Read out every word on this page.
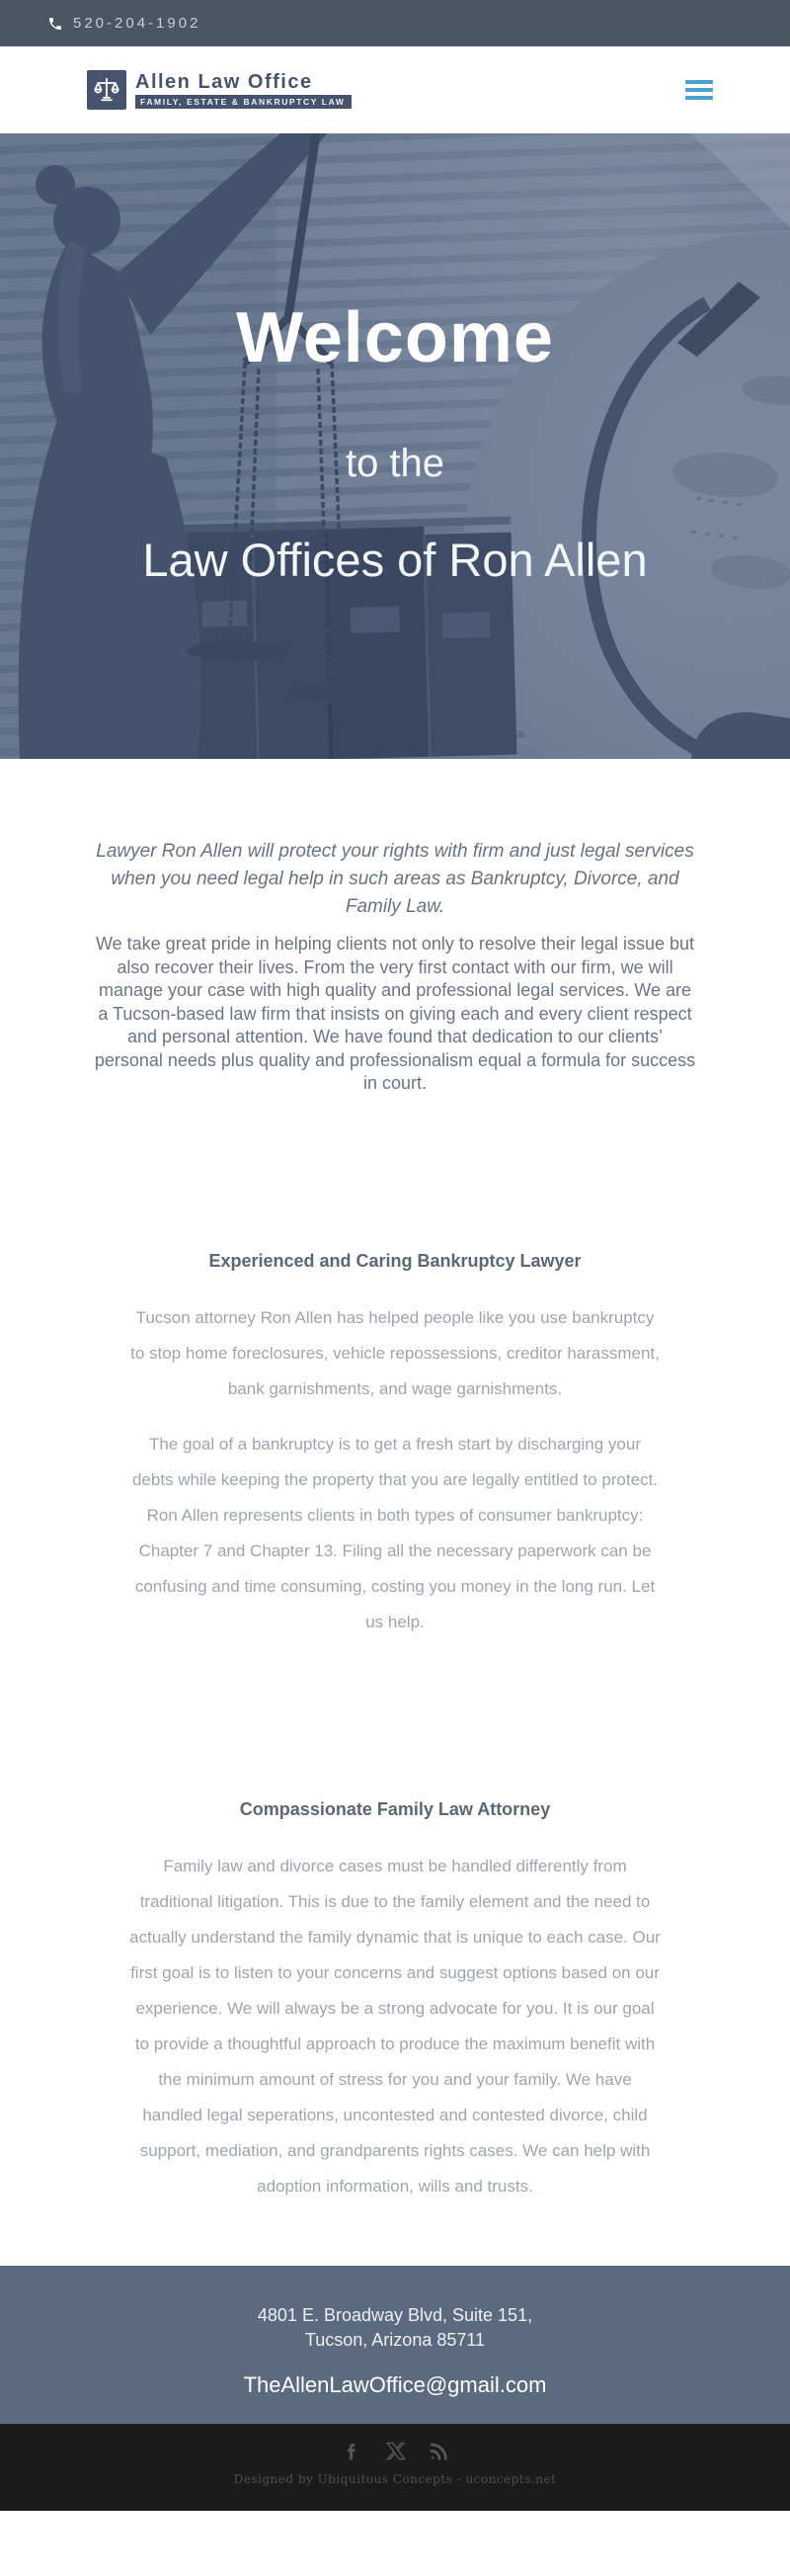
520-204-1902
Allen Law Office
FAMILY, ESTATE & BANKRUPTCY LAW
Welcome
to the
Law Offices of Ron Allen

Lawyer Ron Allen will protect your rights with firm and just legal services when you need legal help in such areas as Bankruptcy, Divorce, and Family Law.

We take great pride in helping clients not only to resolve their legal issue but also recover their lives. From the very first contact with our firm, we will manage your case with high quality and professional legal services. We are a Tucson-based law firm that insists on giving each and every client respect and personal attention. We have found that dedication to our clients’ personal needs plus quality and professionalism equal a formula for success in court.

Experienced and Caring Bankruptcy Lawyer

Tucson attorney Ron Allen has helped people like you use bankruptcy to stop home foreclosures, vehicle repossessions, creditor harassment, bank garnishments, and wage garnishments.

The goal of a bankruptcy is to get a fresh start by discharging your debts while keeping the property that you are legally entitled to protect. Ron Allen represents clients in both types of consumer bankruptcy: Chapter 7 and Chapter 13. Filing all the necessary paperwork can be confusing and time consuming, costing you money in the long run. Let us help.

Compassionate Family Law Attorney

Family law and divorce cases must be handled differently from traditional litigation. This is due to the family element and the need to actually understand the family dynamic that is unique to each case. Our first goal is to listen to your concerns and suggest options based on our experience. We will always be a strong advocate for you. It is our goal to provide a thoughtful approach to produce the maximum benefit with the minimum amount of stress for you and your family. We have handled legal seperations, uncontested and contested divorce, child support, mediation, and grandparents rights cases. We can help with adoption information, wills and trusts.

4801 E. Broadway Blvd, Suite 151,
Tucson, Arizona 85711
TheAllenLawOffice@gmail.com
Designed by Ubiquitous Concepts - uconcepts.net
